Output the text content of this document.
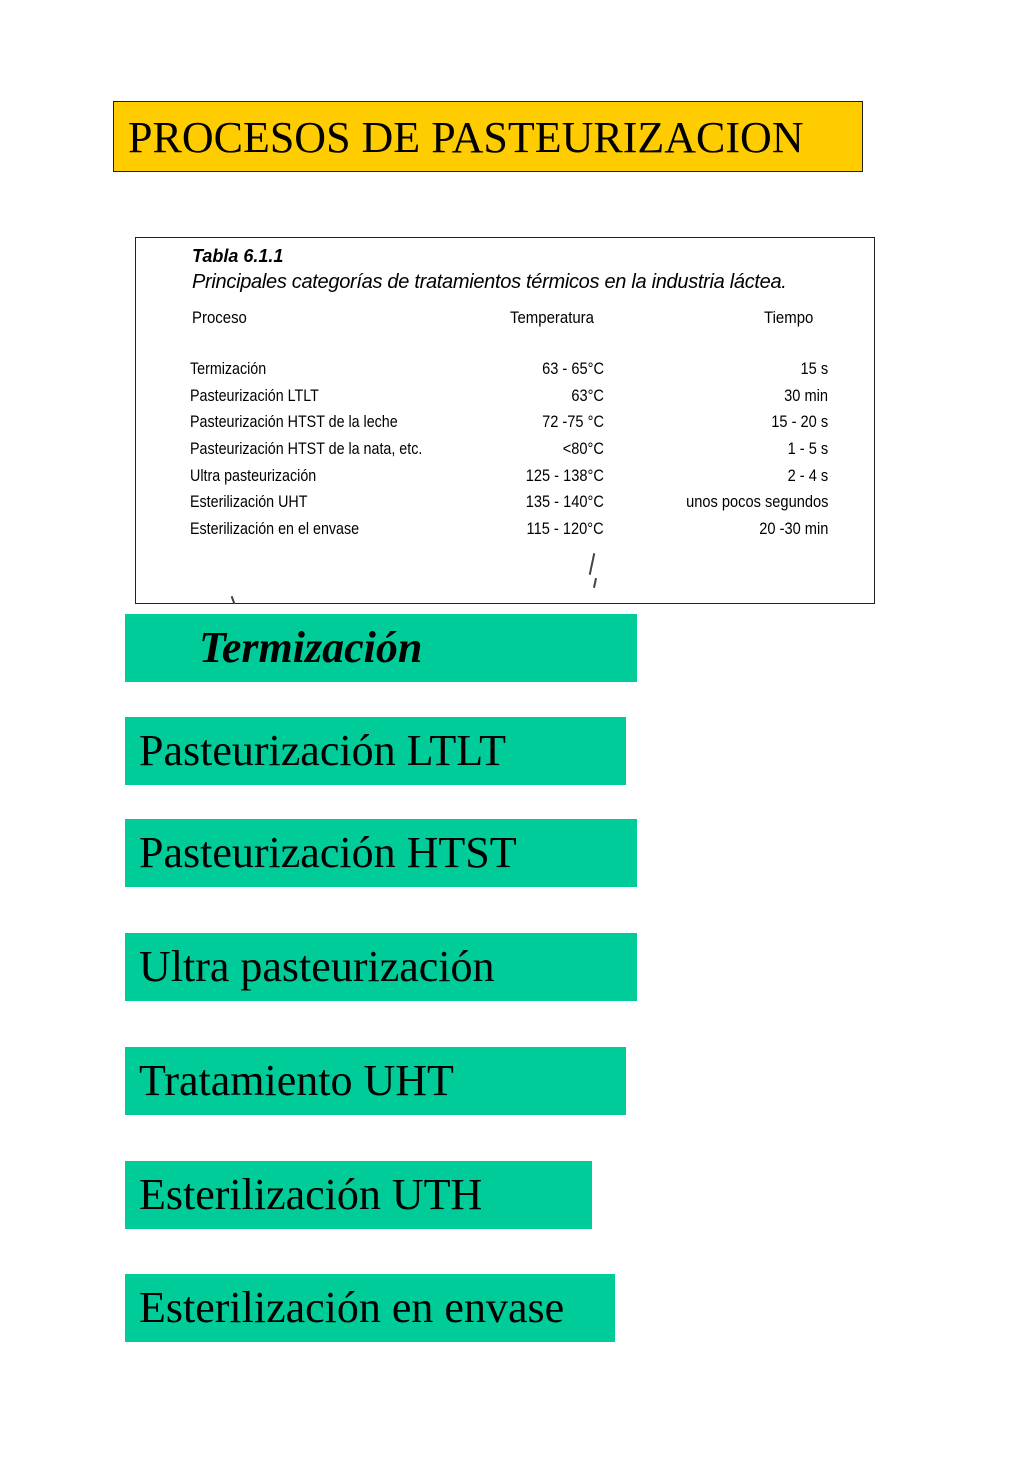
PROCESOS DE PASTEURIZACION
Tabla 6.1.1
Principales categorías de tratamientos térmicos en la industria láctea.
Proceso	Temperatura	Tiempo
Termización	63 - 65°C	15 s
Pasteurización LTLT	63°C	30 min
Pasteurización HTST de la leche	72 -75 °C	15 - 20 s
Pasteurización HTST de la nata, etc.	<80°C	1 - 5 s
Ultra pasteurización	125 - 138°C	2 - 4 s
Esterilización UHT	135 - 140°C	unos pocos segundos
Esterilización en el envase	115 - 120°C	20 -30 min
Termización
Pasteurización LTLT
Pasteurización HTST
Ultra pasteurización
Tratamiento UHT
Esterilización UTH
Esterilización en envase
